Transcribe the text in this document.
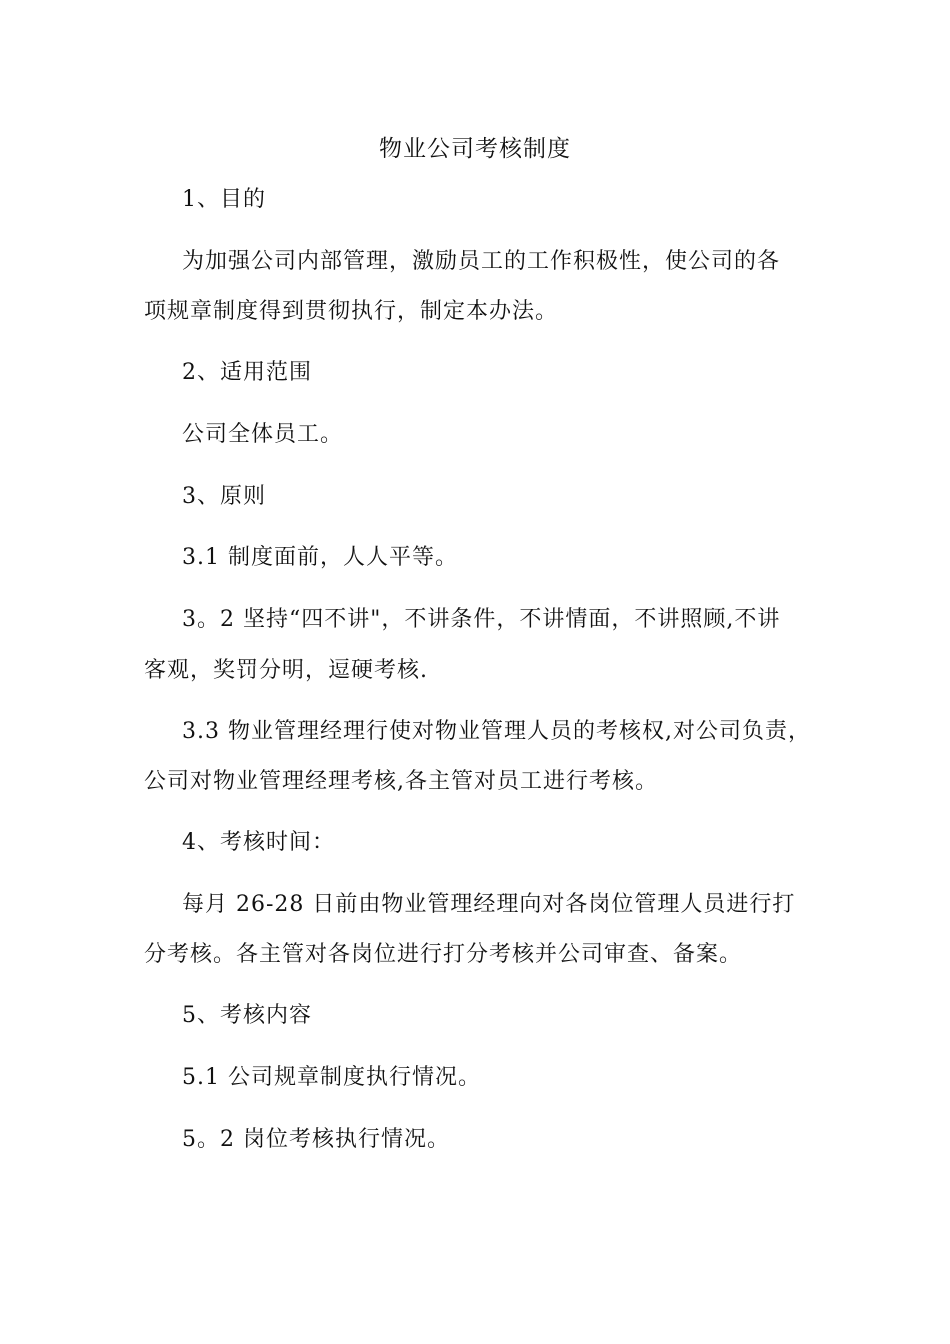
物业公司考核制度
1、目的
为加强公司内部管理，激励员工的工作积极性，使公司的各
项规章制度得到贯彻执行，制定本办法。
2、适用范围
公司全体员工。
3、原则
3.1 制度面前，人人平等。
3。2 坚持“四不讲"，不讲条件，不讲情面，不讲照顾,不讲
客观，奖罚分明，逗硬考核.
3.3 物业管理经理行使对物业管理人员的考核权,对公司负责，
公司对物业管理经理考核,各主管对员工进行考核。
4、考核时间：
每月 26-28 日前由物业管理经理向对各岗位管理人员进行打
分考核。各主管对各岗位进行打分考核并公司审查、备案。
5、考核内容
5.1 公司规章制度执行情况。
5。2 岗位考核执行情况。
